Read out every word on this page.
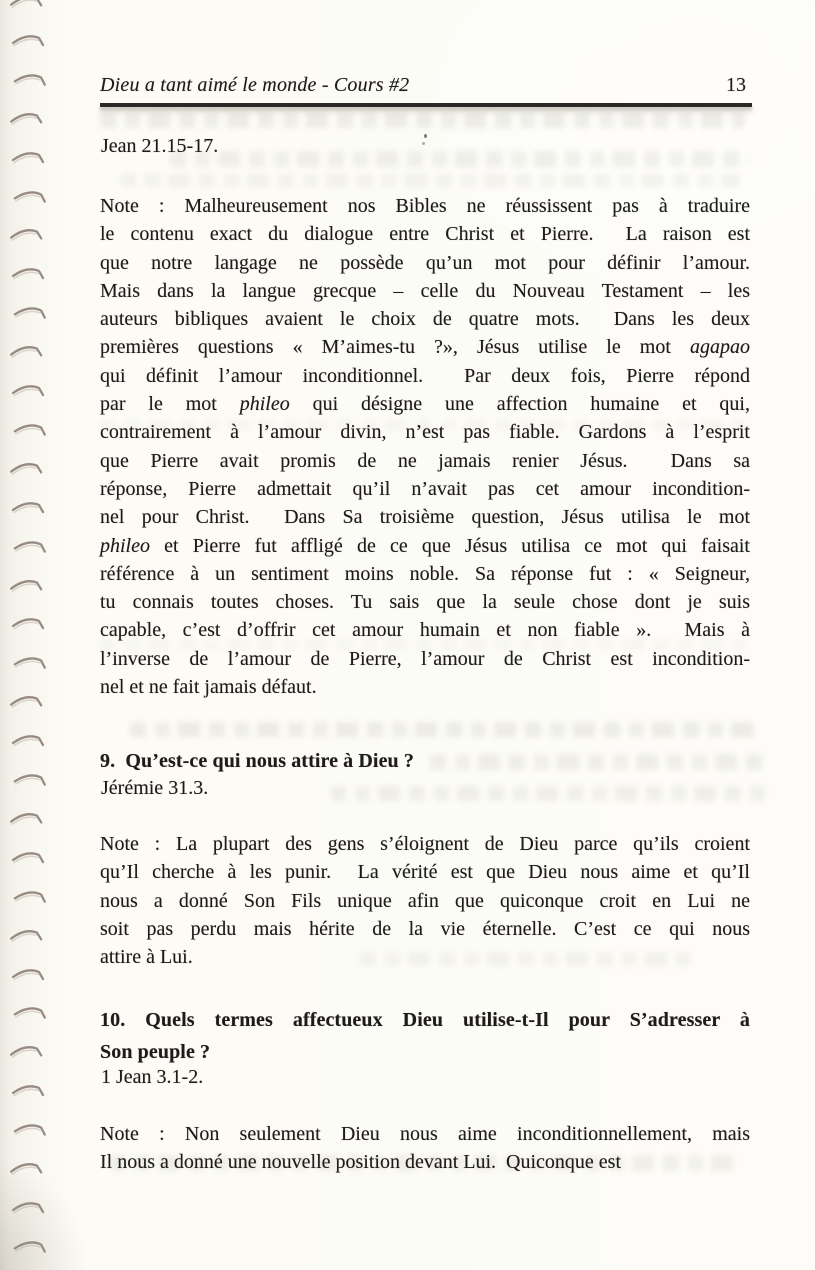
Dieu a tant aimé le monde - Cours #2	13
Jean 21.15-17.
Note : Malheureusement nos Bibles ne réussissent pas à traduire
le contenu exact du dialogue entre Christ et Pierre.  La raison est
que notre langage ne possède qu’un mot pour définir l’amour.
Mais dans la langue grecque – celle du Nouveau Testament – les
auteurs bibliques avaient le choix de quatre mots.  Dans les deux
premières questions « M’aimes-tu ?», Jésus utilise le mot agapao
qui définit l’amour inconditionnel.  Par deux fois, Pierre répond
par le mot phileo qui désigne une affection humaine et qui,
contrairement à l’amour divin, n’est pas fiable. Gardons à l’esprit
que Pierre avait promis de ne jamais renier Jésus.  Dans sa
réponse, Pierre admettait qu’il n’avait pas cet amour incondition-
nel pour Christ.  Dans Sa troisième question, Jésus utilisa le mot
phileo et Pierre fut affligé de ce que Jésus utilisa ce mot qui faisait
référence à un sentiment moins noble. Sa réponse fut : « Seigneur,
tu connais toutes choses. Tu sais que la seule chose dont je suis
capable, c’est d’offrir cet amour humain et non fiable ».  Mais à
l’inverse de l’amour de Pierre, l’amour de Christ est incondition-
nel et ne fait jamais défaut.
9.  Qu’est-ce qui nous attire à Dieu ?
Jérémie 31.3.
Note : La plupart des gens s’éloignent de Dieu parce qu’ils croient
qu’Il cherche à les punir.  La vérité est que Dieu nous aime et qu’Il
nous a donné Son Fils unique afin que quiconque croit en Lui ne
soit pas perdu mais hérite de la vie éternelle. C’est ce qui nous
attire à Lui.
10. Quels termes affectueux Dieu utilise-t-Il pour S’adresser à
Son peuple ?
1 Jean 3.1-2.
Note : Non seulement Dieu nous aime inconditionnellement, mais
Il nous a donné une nouvelle position devant Lui.  Quiconque est
